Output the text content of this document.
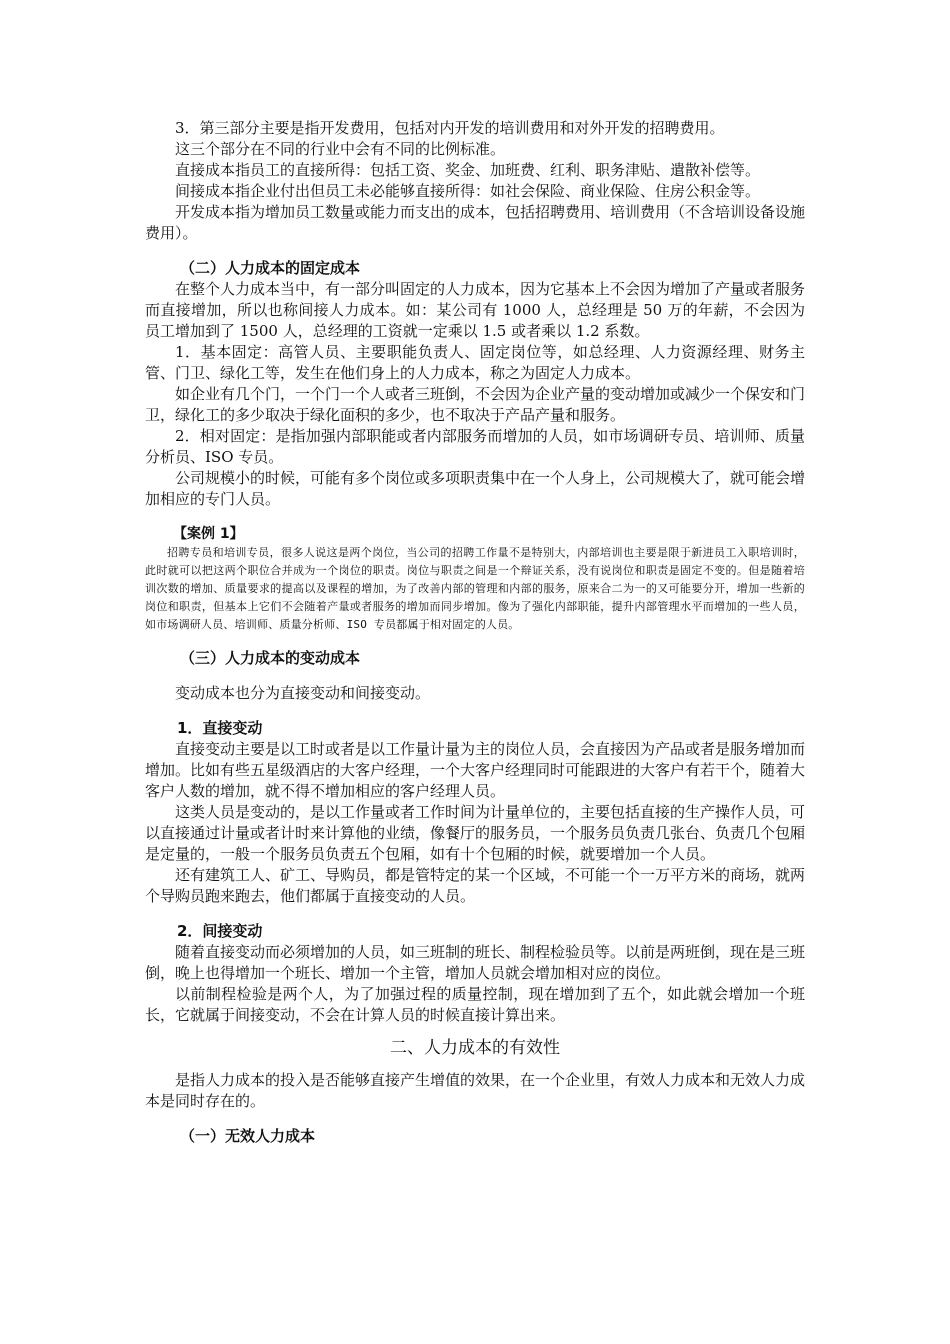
3．第三部分主要是指开发费用，包括对内开发的培训费用和对外开发的招聘费用。

这三个部分在不同的行业中会有不同的比例标准。

直接成本指员工的直接所得：包括工资、奖金、加班费、红利、职务津贴、遣散补偿等。

间接成本指企业付出但员工未必能够直接所得：如社会保险、商业保险、住房公积金等。

开发成本指为增加员工数量或能力而支出的成本，包括招聘费用、培训费用（不含培训设备设施费用）。

（二）人力成本的固定成本

在整个人力成本当中，有一部分叫固定的人力成本，因为它基本上不会因为增加了产量或者服务而直接增加，所以也称间接人力成本。如：某公司有 1000 人，总经理是 50 万的年薪，不会因为员工增加到了 1500 人，总经理的工资就一定乘以 1.5 或者乘以 1.2 系数。

1．基本固定：高管人员、主要职能负责人、固定岗位等，如总经理、人力资源经理、财务主管、门卫、绿化工等，发生在他们身上的人力成本，称之为固定人力成本。

如企业有几个门，一个门一个人或者三班倒，不会因为企业产量的变动增加或减少一个保安和门卫，绿化工的多少取决于绿化面积的多少，也不取决于产品产量和服务。

2．相对固定：是指加强内部职能或者内部服务而增加的人员，如市场调研专员、培训师、质量分析员、ISO 专员。

公司规模小的时候，可能有多个岗位或多项职责集中在一个人身上，公司规模大了，就可能会增加相应的专门人员。

【案例 1】

招聘专员和培训专员，很多人说这是两个岗位，当公司的招聘工作量不是特别大，内部培训也主要是限于新进员工入职培训时，此时就可以把这两个职位合并成为一个岗位的职责。岗位与职责之间是一个辩证关系，没有说岗位和职责是固定不变的。但是随着培训次数的增加、质量要求的提高以及课程的增加，为了改善内部的管理和内部的服务，原来合二为一的又可能要分开，增加一些新的岗位和职责，但基本上它们不会随着产量或者服务的增加而同步增加。像为了强化内部职能，提升内部管理水平而增加的一些人员，如市场调研人员、培训师、质量分析师、ISO 专员都属于相对固定的人员。

（三）人力成本的变动成本

变动成本也分为直接变动和间接变动。

1．直接变动

直接变动主要是以工时或者是以工作量计量为主的岗位人员，会直接因为产品或者是服务增加而增加。比如有些五星级酒店的大客户经理，一个大客户经理同时可能跟进的大客户有若干个，随着大客户人数的增加，就不得不增加相应的客户经理人员。

这类人员是变动的，是以工作量或者工作时间为计量单位的，主要包括直接的生产操作人员，可以直接通过计量或者计时来计算他的业绩，像餐厅的服务员，一个服务员负责几张台、负责几个包厢是定量的，一般一个服务员负责五个包厢，如有十个包厢的时候，就要增加一个人员。

还有建筑工人、矿工、导购员，都是管特定的某一个区域，不可能一个一万平方米的商场，就两个导购员跑来跑去，他们都属于直接变动的人员。

2．间接变动

随着直接变动而必须增加的人员，如三班制的班长、制程检验员等。以前是两班倒，现在是三班倒，晚上也得增加一个班长、增加一个主管，增加人员就会增加相对应的岗位。

以前制程检验是两个人，为了加强过程的质量控制，现在增加到了五个，如此就会增加一个班长，它就属于间接变动，不会在计算人员的时候直接计算出来。

二、人力成本的有效性

是指人力成本的投入是否能够直接产生增值的效果，在一个企业里，有效人力成本和无效人力成本是同时存在的。

（一）无效人力成本
